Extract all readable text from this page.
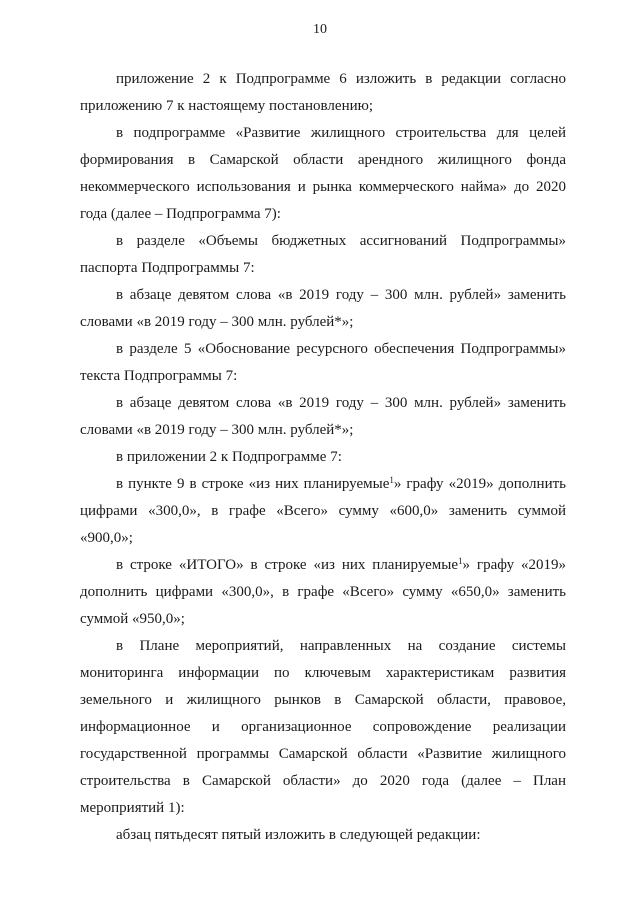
10

приложение 2 к Подпрограмме 6 изложить в редакции согласно приложению 7 к настоящему постановлению;

в подпрограмме «Развитие жилищного строительства для целей формирования в Самарской области арендного жилищного фонда некоммерческого использования и рынка коммерческого найма» до 2020 года (далее – Подпрограмма 7):

в разделе «Объемы бюджетных ассигнований Подпрограммы» паспорта Подпрограммы 7:

в абзаце девятом слова «в 2019 году – 300 млн. рублей» заменить словами «в 2019 году – 300 млн. рублей*»;

в разделе 5 «Обоснование ресурсного обеспечения Подпрограммы» текста Подпрограммы 7:

в абзаце девятом слова «в 2019 году – 300 млн. рублей» заменить словами «в 2019 году – 300 млн. рублей*»;

в приложении 2 к Подпрограмме 7:

в пункте 9 в строке «из них планируемые$^1$» графу «2019» дополнить цифрами «300,0», в графе «Всего» сумму «600,0» заменить суммой «900,0»;

в строке «ИТОГО» в строке «из них планируемые$^1$» графу «2019» дополнить цифрами «300,0», в графе «Всего» сумму «650,0» заменить суммой «950,0»;

в Плане мероприятий, направленных на создание системы мониторинга информации по ключевым характеристикам развития земельного и жилищного рынков в Самарской области, правовое, информационное и организационное сопровождение реализации государственной программы Самарской области «Развитие жилищного строительства в Самарской области» до 2020 года (далее – План мероприятий 1):

абзац пятьдесят пятый изложить в следующей редакции:
